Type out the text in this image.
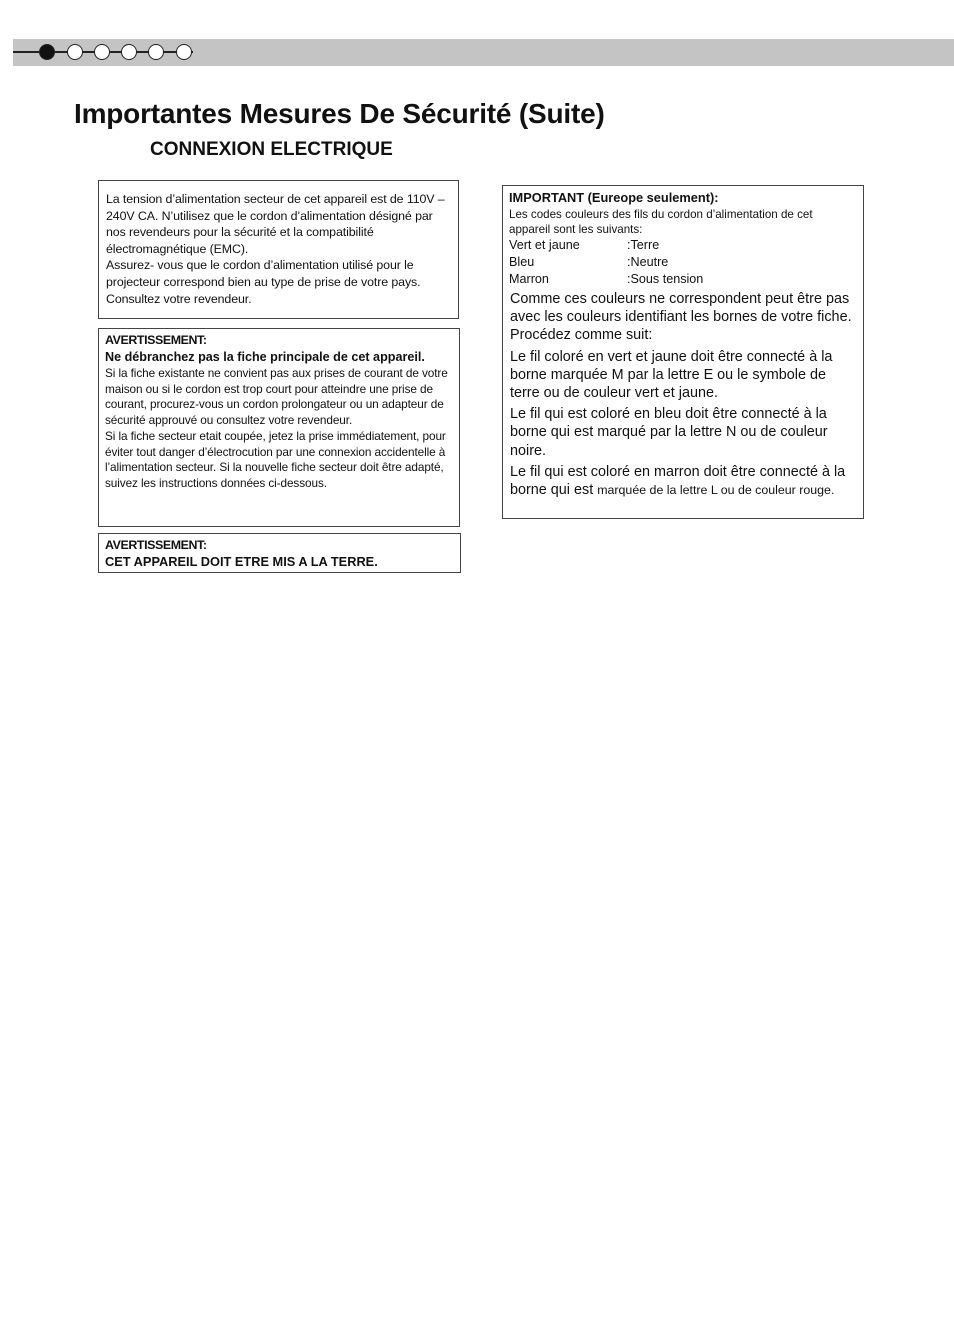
Importantes Mesures De Sécurité (Suite)
CONNEXION ELECTRIQUE

La tension d’alimentation secteur de cet appareil est de 110V – 240V CA. N’utilisez que le cordon d’alimentation désigné par nos revendeurs pour la sécurité et la compatibilité électromagnétique (EMC).

Assurez- vous que le cordon d’alimentation utilisé pour le projecteur correspond bien au type de prise de votre pays. Consultez votre revendeur.

AVERTISSEMENT:
Ne débranchez pas la fiche principale de cet appareil.

Si la fiche existante ne convient pas aux prises de courant de votre maison ou si le cordon est trop court pour atteindre une prise de courant, procurez-vous un cordon prolongateur ou un adapteur de sécurité approuvé ou consultez votre revendeur.

Si la fiche secteur etait coupée, jetez la prise immédiatement, pour éviter tout danger d’électrocution par une connexion accidentelle à l’alimentation secteur. Si la nouvelle fiche secteur doit être adapté, suivez les instructions données ci-dessous.

AVERTISSEMENT:
CET APPAREIL DOIT ETRE MIS A LA TERRE.
IMPORTANT (Eureope seulement):

Les codes couleurs des fils du cordon d’alimentation de cet appareil sont les suivants:

Vert et jaune	:Terre
Bleu	:Neutre
Marron	:Sous tension

Comme ces couleurs ne correspondent peut être pas avec les couleurs identifiant les bornes de votre fiche. Procédez comme suit:

Le fil coloré en vert et jaune doit être connecté à la borne marquée M par la lettre E ou le symbole de terre ou de couleur vert et jaune.

Le fil qui est coloré en bleu doit être connecté à la borne qui est marqué par la lettre N ou de couleur noire.

Le fil qui est coloré en marron doit être connecté à la borne qui est marquée de la lettre L ou de couleur rouge.
